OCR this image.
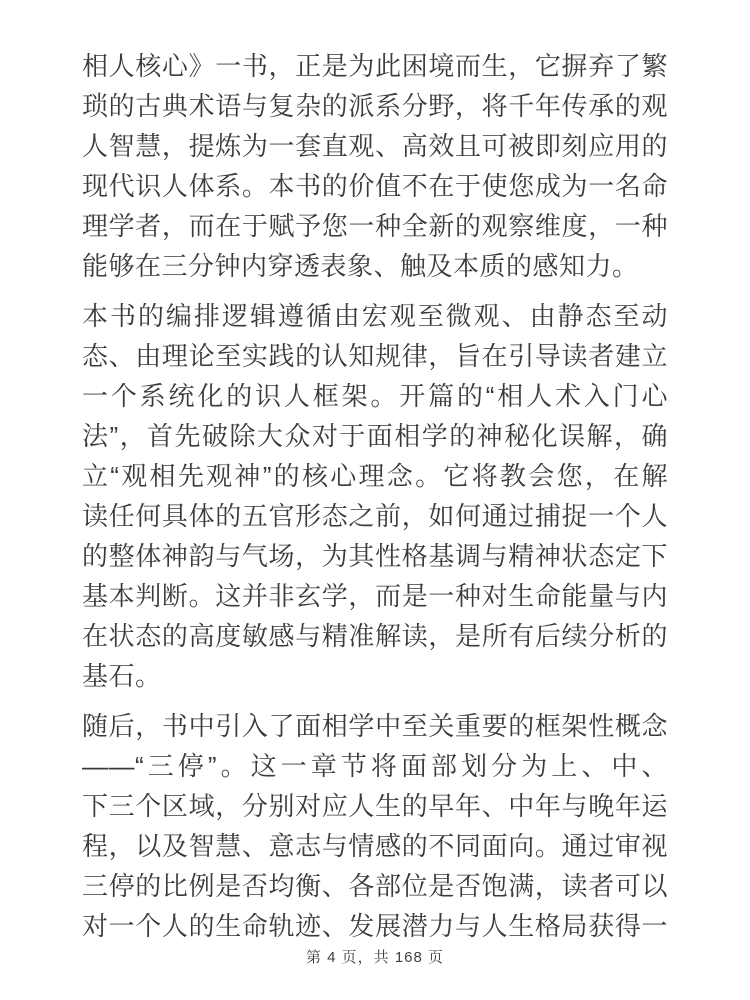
相人核心》一书，正是为此困境而生，它摒弃了繁
琐的古典术语与复杂的派系分野，将千年传承的观
人智慧，提炼为一套直观、高效且可被即刻应用的
现代识人体系。本书的价值不在于使您成为一名命
理学者，而在于赋予您一种全新的观察维度，一种
能够在三分钟内穿透表象、触及本质的感知力。
本书的编排逻辑遵循由宏观至微观、由静态至动
态、由理论至实践的认知规律，旨在引导读者建立
一个系统化的识人框架。开篇的“相人术入门心
法”，首先破除大众对于面相学的神秘化误解，确
立“观相先观神”的核心理念。它将教会您，在解
读任何具体的五官形态之前，如何通过捕捉一个人
的整体神韵与气场，为其性格基调与精神状态定下
基本判断。这并非玄学，而是一种对生命能量与内
在状态的高度敏感与精准解读，是所有后续分析的
基石。
随后，书中引入了面相学中至关重要的框架性概念
——“三停”。这一章节将面部划分为上、中、
下三个区域，分别对应人生的早年、中年与晚年运
程，以及智慧、意志与情感的不同面向。通过审视
三停的比例是否均衡、各部位是否饱满，读者可以
对一个人的生命轨迹、发展潜力与人生格局获得一
第 4 页，共 168 页
